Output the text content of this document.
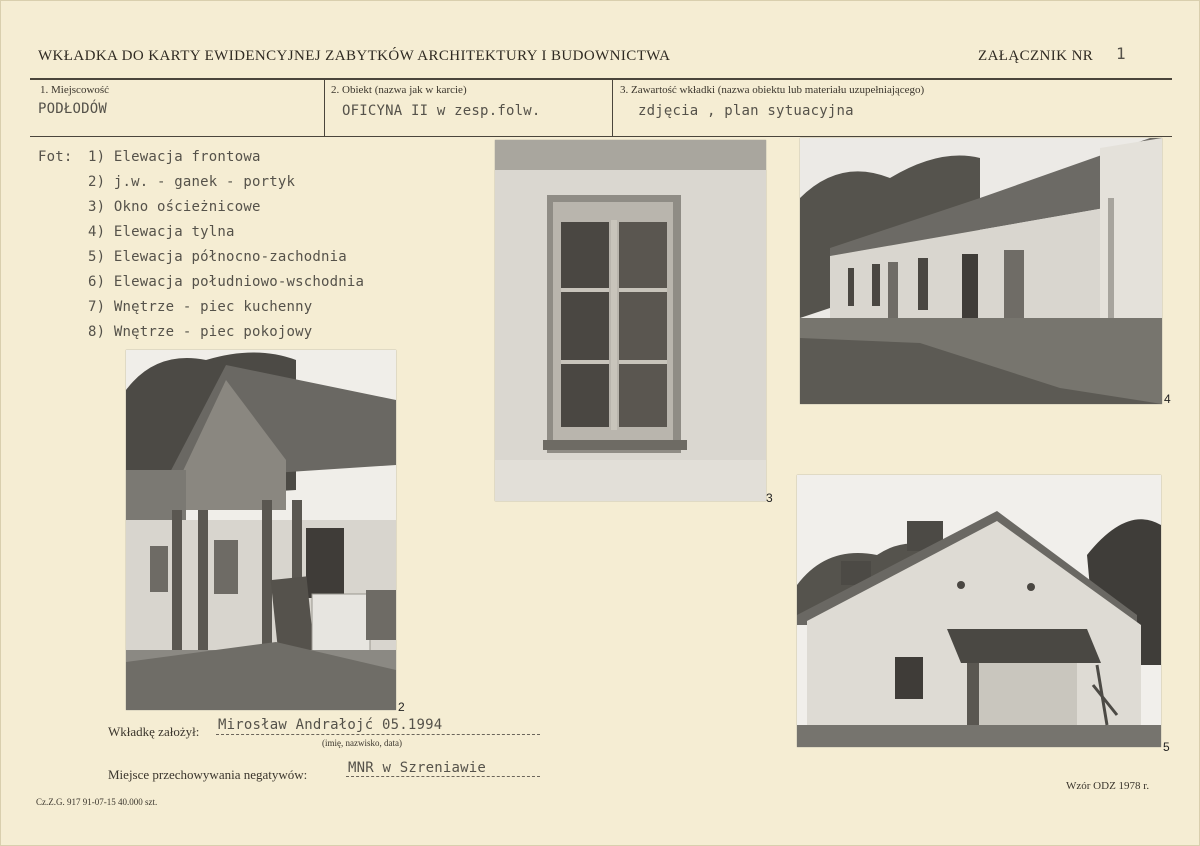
WKŁADKA DO KARTY EWIDENCYJNEJ ZABYTKÓW ARCHITEKTURY I BUDOWNICTWA	ZAŁĄCZNIK NR 1
1. Miejscowość
PODŁODÓW
2. Obiekt (nazwa jak w karcie)
OFICYNA II w zesp.folw.
3. Zawartość wkładki (nazwa obiektu lub materiału uzupełniającego)
zdjęcia , plan sytuacyjna
Fot: 1) Elewacja frontowa
2) j.w. - ganek - portyk
3) Okno ościeżnicowe
4) Elewacja tylna
5) Elewacja północno-zachodnia
6) Elewacja południowo-wschodnia
7) Wnętrze - piec kuchenny
8) Wnętrze - piec pokojowy
3
4
2
5
Wkładkę założył: Mirosław Andrałojć 05.1994
(imię, nazwisko, data)
Miejsce przechowywania negatywów:	MNR w Szreniawie
Cz.Z.G. 917 91-07-15 40.000 szt.
Wzór ODZ 1978 r.
